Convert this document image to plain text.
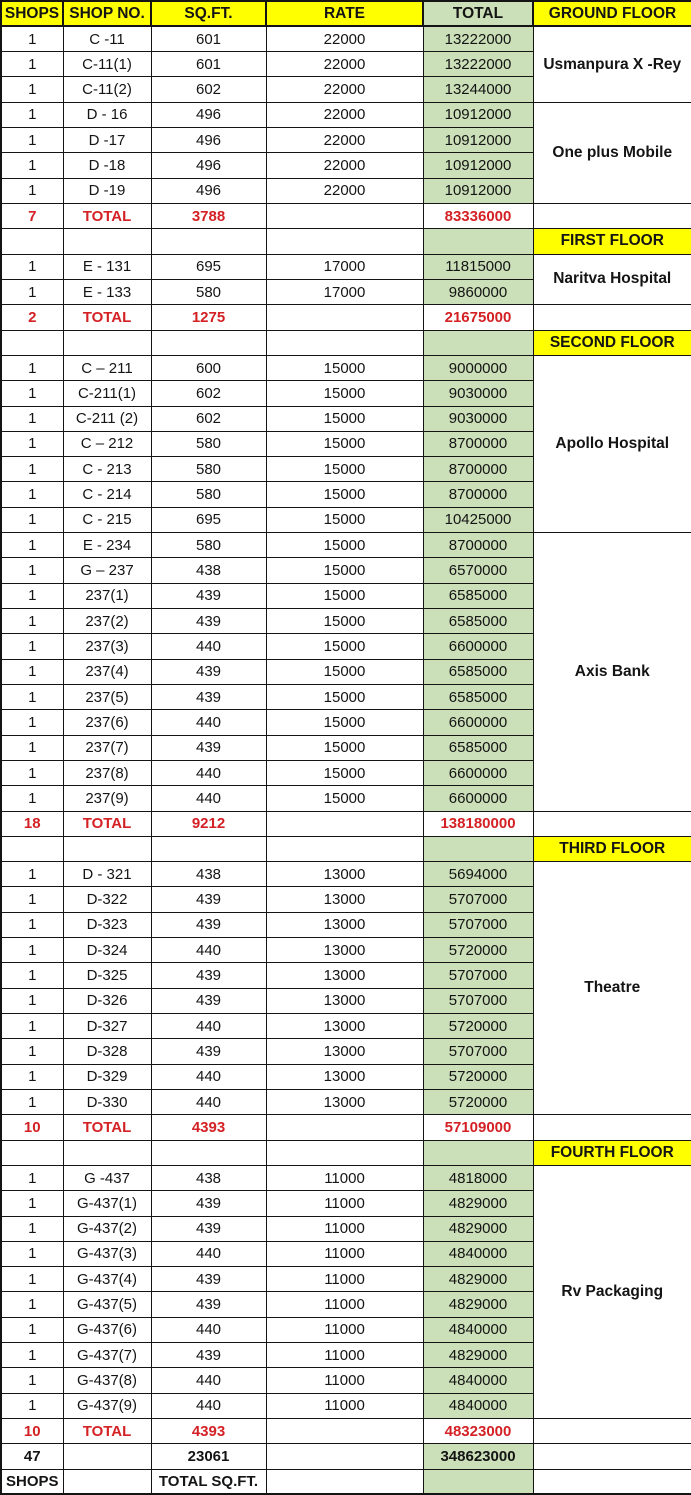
SHOPS	SHOP NO.	SQ.FT.	RATE	TOTAL	GROUND FLOOR
1	C -11	601	22000	13222000	Usmanpura X -Rey
1	C-11(1)	601	22000	13222000	
1	C-11(2)	602	22000	13244000	
1	D - 16	496	22000	10912000	One plus Mobile
1	D -17	496	22000	10912000	
1	D -18	496	22000	10912000	
1	D -19	496	22000	10912000	
7	TOTAL	3788		83336000	
					FIRST FLOOR
1	E - 131	695	17000	11815000	Naritva Hospital
1	E - 133	580	17000	9860000	
2	TOTAL	1275		21675000	
					SECOND FLOOR
1	C – 211	600	15000	9000000	Apollo Hospital
1	C-211(1)	602	15000	9030000	
1	C-211 (2)	602	15000	9030000	
1	C – 212	580	15000	8700000	
1	C - 213	580	15000	8700000	
1	C - 214	580	15000	8700000	
1	C - 215	695	15000	10425000	
1	E - 234	580	15000	8700000	Axis Bank
1	G – 237	438	15000	6570000	
1	237(1)	439	15000	6585000	
1	237(2)	439	15000	6585000	
1	237(3)	440	15000	6600000	
1	237(4)	439	15000	6585000	
1	237(5)	439	15000	6585000	
1	237(6)	440	15000	6600000	
1	237(7)	439	15000	6585000	
1	237(8)	440	15000	6600000	
1	237(9)	440	15000	6600000	
18	TOTAL	9212		138180000	
					THIRD FLOOR
1	D - 321	438	13000	5694000	Theatre
1	D-322	439	13000	5707000	
1	D-323	439	13000	5707000	
1	D-324	440	13000	5720000	
1	D-325	439	13000	5707000	
1	D-326	439	13000	5707000	
1	D-327	440	13000	5720000	
1	D-328	439	13000	5707000	
1	D-329	440	13000	5720000	
1	D-330	440	13000	5720000	
10	TOTAL	4393		57109000	
					FOURTH FLOOR
1	G -437	438	11000	4818000	Rv Packaging
1	G-437(1)	439	11000	4829000	
1	G-437(2)	439	11000	4829000	
1	G-437(3)	440	11000	4840000	
1	G-437(4)	439	11000	4829000	
1	G-437(5)	439	11000	4829000	
1	G-437(6)	440	11000	4840000	
1	G-437(7)	439	11000	4829000	
1	G-437(8)	440	11000	4840000	
1	G-437(9)	440	11000	4840000	
10	TOTAL	4393		48323000	
47		23061		348623000	
SHOPS		TOTAL SQ.FT.			
